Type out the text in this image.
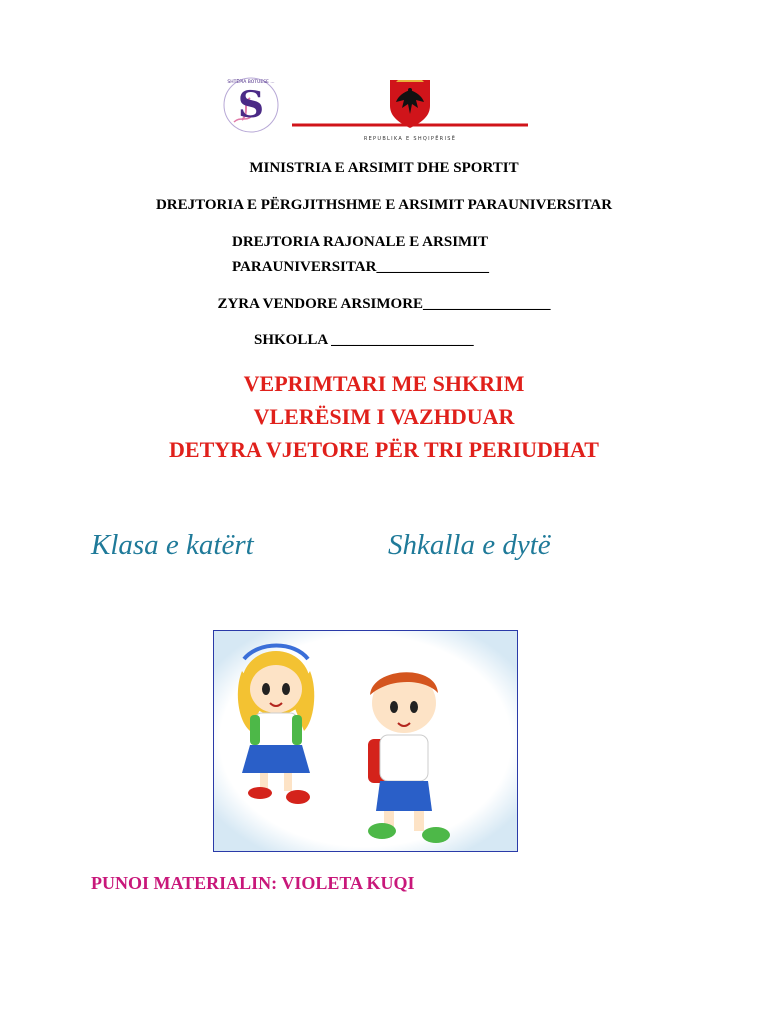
S
SHTËPIA BOTUESE ...
REPUBLIKA E SHQIPËRISË
MINISTRIA E ARSIMIT DHE SPORTIT
DREJTORIA E PËRGJITHSHME E ARSIMIT PARAUNIVERSITAR
DREJTORIA RAJONALE E ARSIMIT
PARAUNIVERSITAR_______________
ZYRA VENDORE ARSIMORE_________________
SHKOLLA ___________________
VEPRIMTARI ME SHKRIM
VLERËSIM I VAZHDUAR
DETYRA VJETORE PËR TRI PERIUDHAT
Klasa e katërt	Shkalla e dytë
PUNOI MATERIALIN: VIOLETA KUQI
